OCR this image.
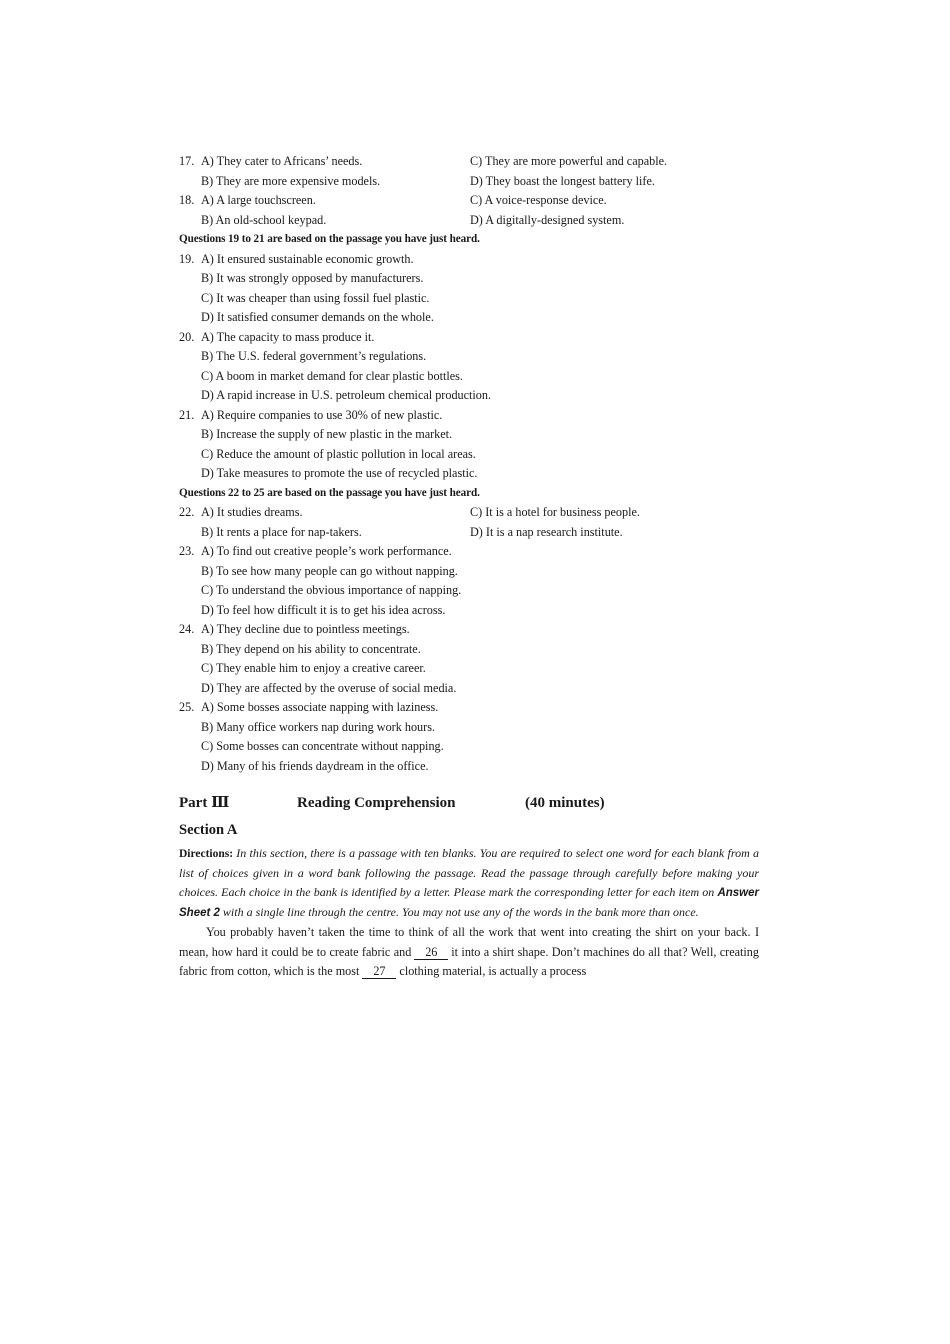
17. A) They cater to Africans’ needs.	C) They are more powerful and capable.
B) They are more expensive models.	D) They boast the longest battery life.
18. A) A large touchscreen.	C) A voice-response device.
B) An old-school keypad.	D) A digitally-designed system.
Questions 19 to 21 are based on the passage you have just heard.
19. A) It ensured sustainable economic growth.
B) It was strongly opposed by manufacturers.
C) It was cheaper than using fossil fuel plastic.
D) It satisfied consumer demands on the whole.
20. A) The capacity to mass produce it.
B) The U.S. federal government’s regulations.
C) A boom in market demand for clear plastic bottles.
D) A rapid increase in U.S. petroleum chemical production.
21. A) Require companies to use 30% of new plastic.
B) Increase the supply of new plastic in the market.
C) Reduce the amount of plastic pollution in local areas.
D) Take measures to promote the use of recycled plastic.
Questions 22 to 25 are based on the passage you have just heard.
22. A) It studies dreams.	C) It is a hotel for business people.
B) It rents a place for nap-takers.	D) It is a nap research institute.
23. A) To find out creative people’s work performance.
B) To see how many people can go without napping.
C) To understand the obvious importance of napping.
D) To feel how difficult it is to get his idea across.
24. A) They decline due to pointless meetings.
B) They depend on his ability to concentrate.
C) They enable him to enjoy a creative career.
D) They are affected by the overuse of social media.
25. A) Some bosses associate napping with laziness.
B) Many office workers nap during work hours.
C) Some bosses can concentrate without napping.
D) Many of his friends daydream in the office.
Part Ⅲ	Reading Comprehension	(40 minutes)
Section A
Directions: In this section, there is a passage with ten blanks. You are required to select one word for each blank from a list of choices given in a word bank following the passage. Read the passage through carefully before making your choices. Each choice in the bank is identified by a letter. Please mark the corresponding letter for each item on Answer Sheet 2 with a single line through the centre. You may not use any of the words in the bank more than once.
You probably haven’t taken the time to think of all the work that went into creating the shirt on your back. I mean, how hard it could be to create fabric and 26 it into a shirt shape. Don’t machines do all that? Well, creating fabric from cotton, which is the most 27 clothing material, is actually a process
